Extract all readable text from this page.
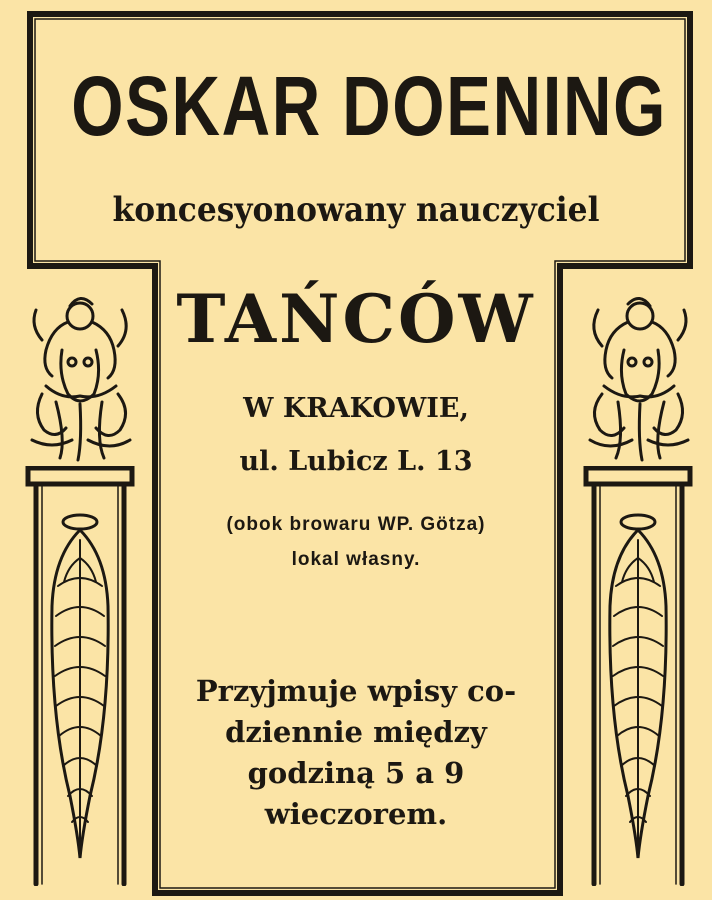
OSKAR DOENING
koncesyonowany nauczyciel
TAŃCÓW
W KRAKOWIE,
ul. Lubicz L. 13
(obok browaru WP. Götza)
lokal własny.
Przyjmuje wpisy co-
dziennie między
godziną 5 a 9
wieczorem.
